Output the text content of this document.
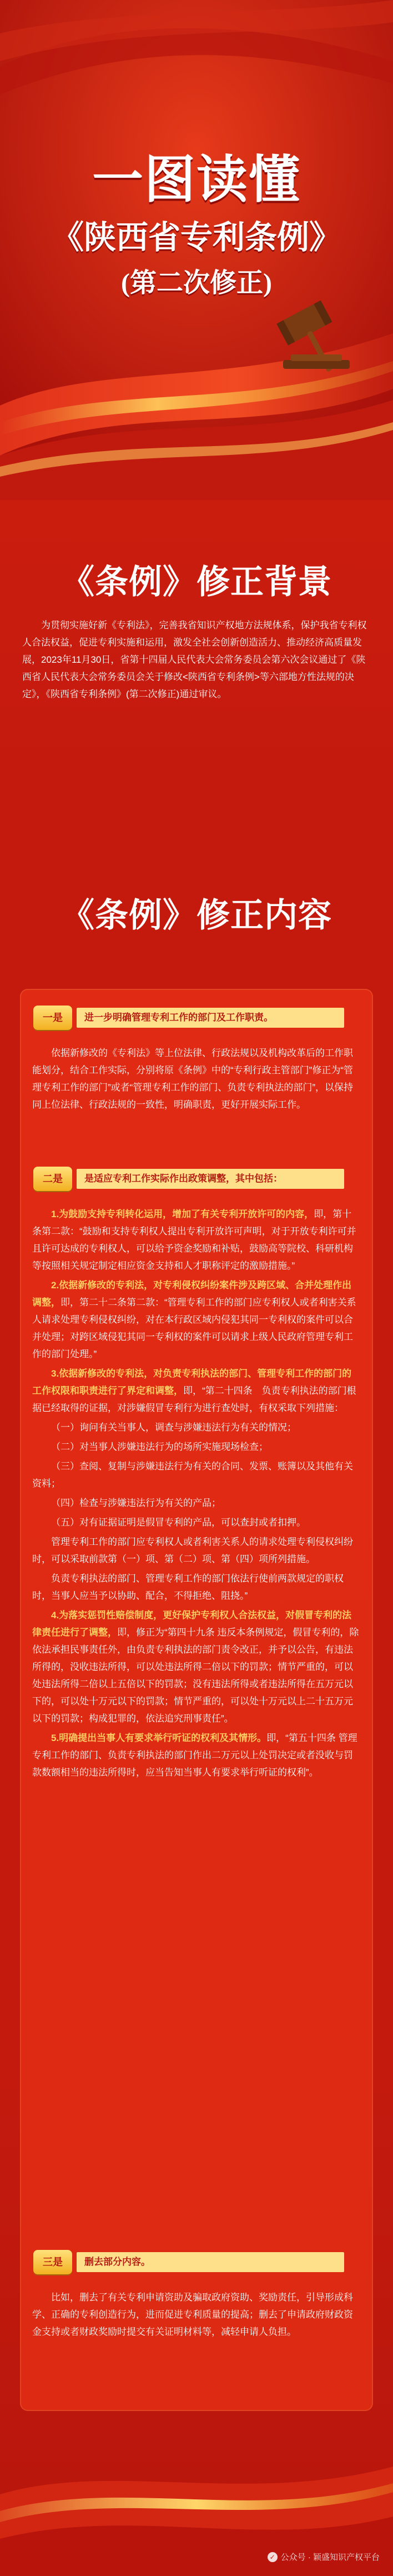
一图读懂
《陕西省专利条例》
(第二次修正)
《条例》修正背景

为贯彻实施好新《专利法》，完善我省知识产权地方法规体系，保护我省专利权人合法权益，促进专利实施和运用，激发全社会创新创造活力、推动经济高质量发展，2023年11月30日，省第十四届人民代表大会常务委员会第六次会议通过了《陕西省人民代表大会常务委员会关于修改<陕西省专利条例>等六部地方性法规的决定》，《陕西省专利条例》(第二次修正)通过审议。

《条例》修正内容
一是	进一步明确管理专利工作的部门及工作职责。

依据新修改的《专利法》等上位法律、行政法规以及机构改革后的工作职能划分，结合工作实际，分别将原《条例》中的“专利行政主管部门”修正为“管理专利工作的部门”或者“管理专利工作的部门、负责专利执法的部门”，以保持同上位法律、行政法规的一致性，明确职责，更好开展实际工作。

二是	是适应专利工作实际作出政策调整，其中包括：

1.为鼓励支持专利转化运用，增加了有关专利开放许可的内容，即，第十条第二款：“鼓励和支持专利权人提出专利开放许可声明，对于开放专利许可并且许可达成的专利权人，可以给予资金奖励和补贴，鼓励高等院校、科研机构等按照相关规定制定相应资金支持和人才职称评定的激励措施。”

2.依据新修改的专利法，对专利侵权纠纷案件涉及跨区域、合并处理作出调整，即，第二十二条第二款：“管理专利工作的部门应专利权人或者利害关系人请求处理专利侵权纠纷，对在本行政区域内侵犯其同一专利权的案件可以合并处理；对跨区域侵犯其同一专利权的案件可以请求上级人民政府管理专利工作的部门处理。”

3.依据新修改的专利法，对负责专利执法的部门、管理专利工作的部门的工作权限和职责进行了界定和调整，即，“第二十四条　负责专利执法的部门根据已经取得的证据，对涉嫌假冒专利行为进行查处时，有权采取下列措施：

（一）询问有关当事人，调查与涉嫌违法行为有关的情况；

（二）对当事人涉嫌违法行为的场所实施现场检查；

（三）查阅、复制与涉嫌违法行为有关的合同、发票、账簿以及其他有关资料；

（四）检查与涉嫌违法行为有关的产品；

（五）对有证据证明是假冒专利的产品，可以查封或者扣押。

管理专利工作的部门应专利权人或者利害关系人的请求处理专利侵权纠纷时，可以采取前款第（一）项、第（二）项、第（四）项所列措施。

负责专利执法的部门、管理专利工作的部门依法行使前两款规定的职权时，当事人应当予以协助、配合，不得拒绝、阻挠。”

4.为落实惩罚性赔偿制度，更好保护专利权人合法权益，对假冒专利的法律责任进行了调整，即，修正为“第四十九条 违反本条例规定，假冒专利的，除依法承担民事责任外，由负责专利执法的部门责令改正，并予以公告，有违法所得的，没收违法所得，可以处违法所得二倍以下的罚款；情节严重的，可以处违法所得二倍以上五倍以下的罚款；没有违法所得或者违法所得在五万元以下的，可以处十万元以下的罚款；情节严重的，可以处十万元以上二十五万元以下的罚款；构成犯罪的，依法追究刑事责任”。

5.明确提出当事人有要求举行听证的权利及其情形。即，“第五十四条 管理专利工作的部门、负责专利执法的部门作出二万元以上处罚决定或者没收与罚款数额相当的违法所得时，应当告知当事人有要求举行听证的权利”。

三是	删去部分内容。

比如，删去了有关专利申请资助及骗取政府资助、奖励责任，引导形成科学、正确的专利创造行为，进而促进专利质量的提高；删去了申请政府财政资金支持或者财政奖励时提交有关证明材料等，减轻申请人负担。

✓ 公众号 · 颖盛知识产权平台
